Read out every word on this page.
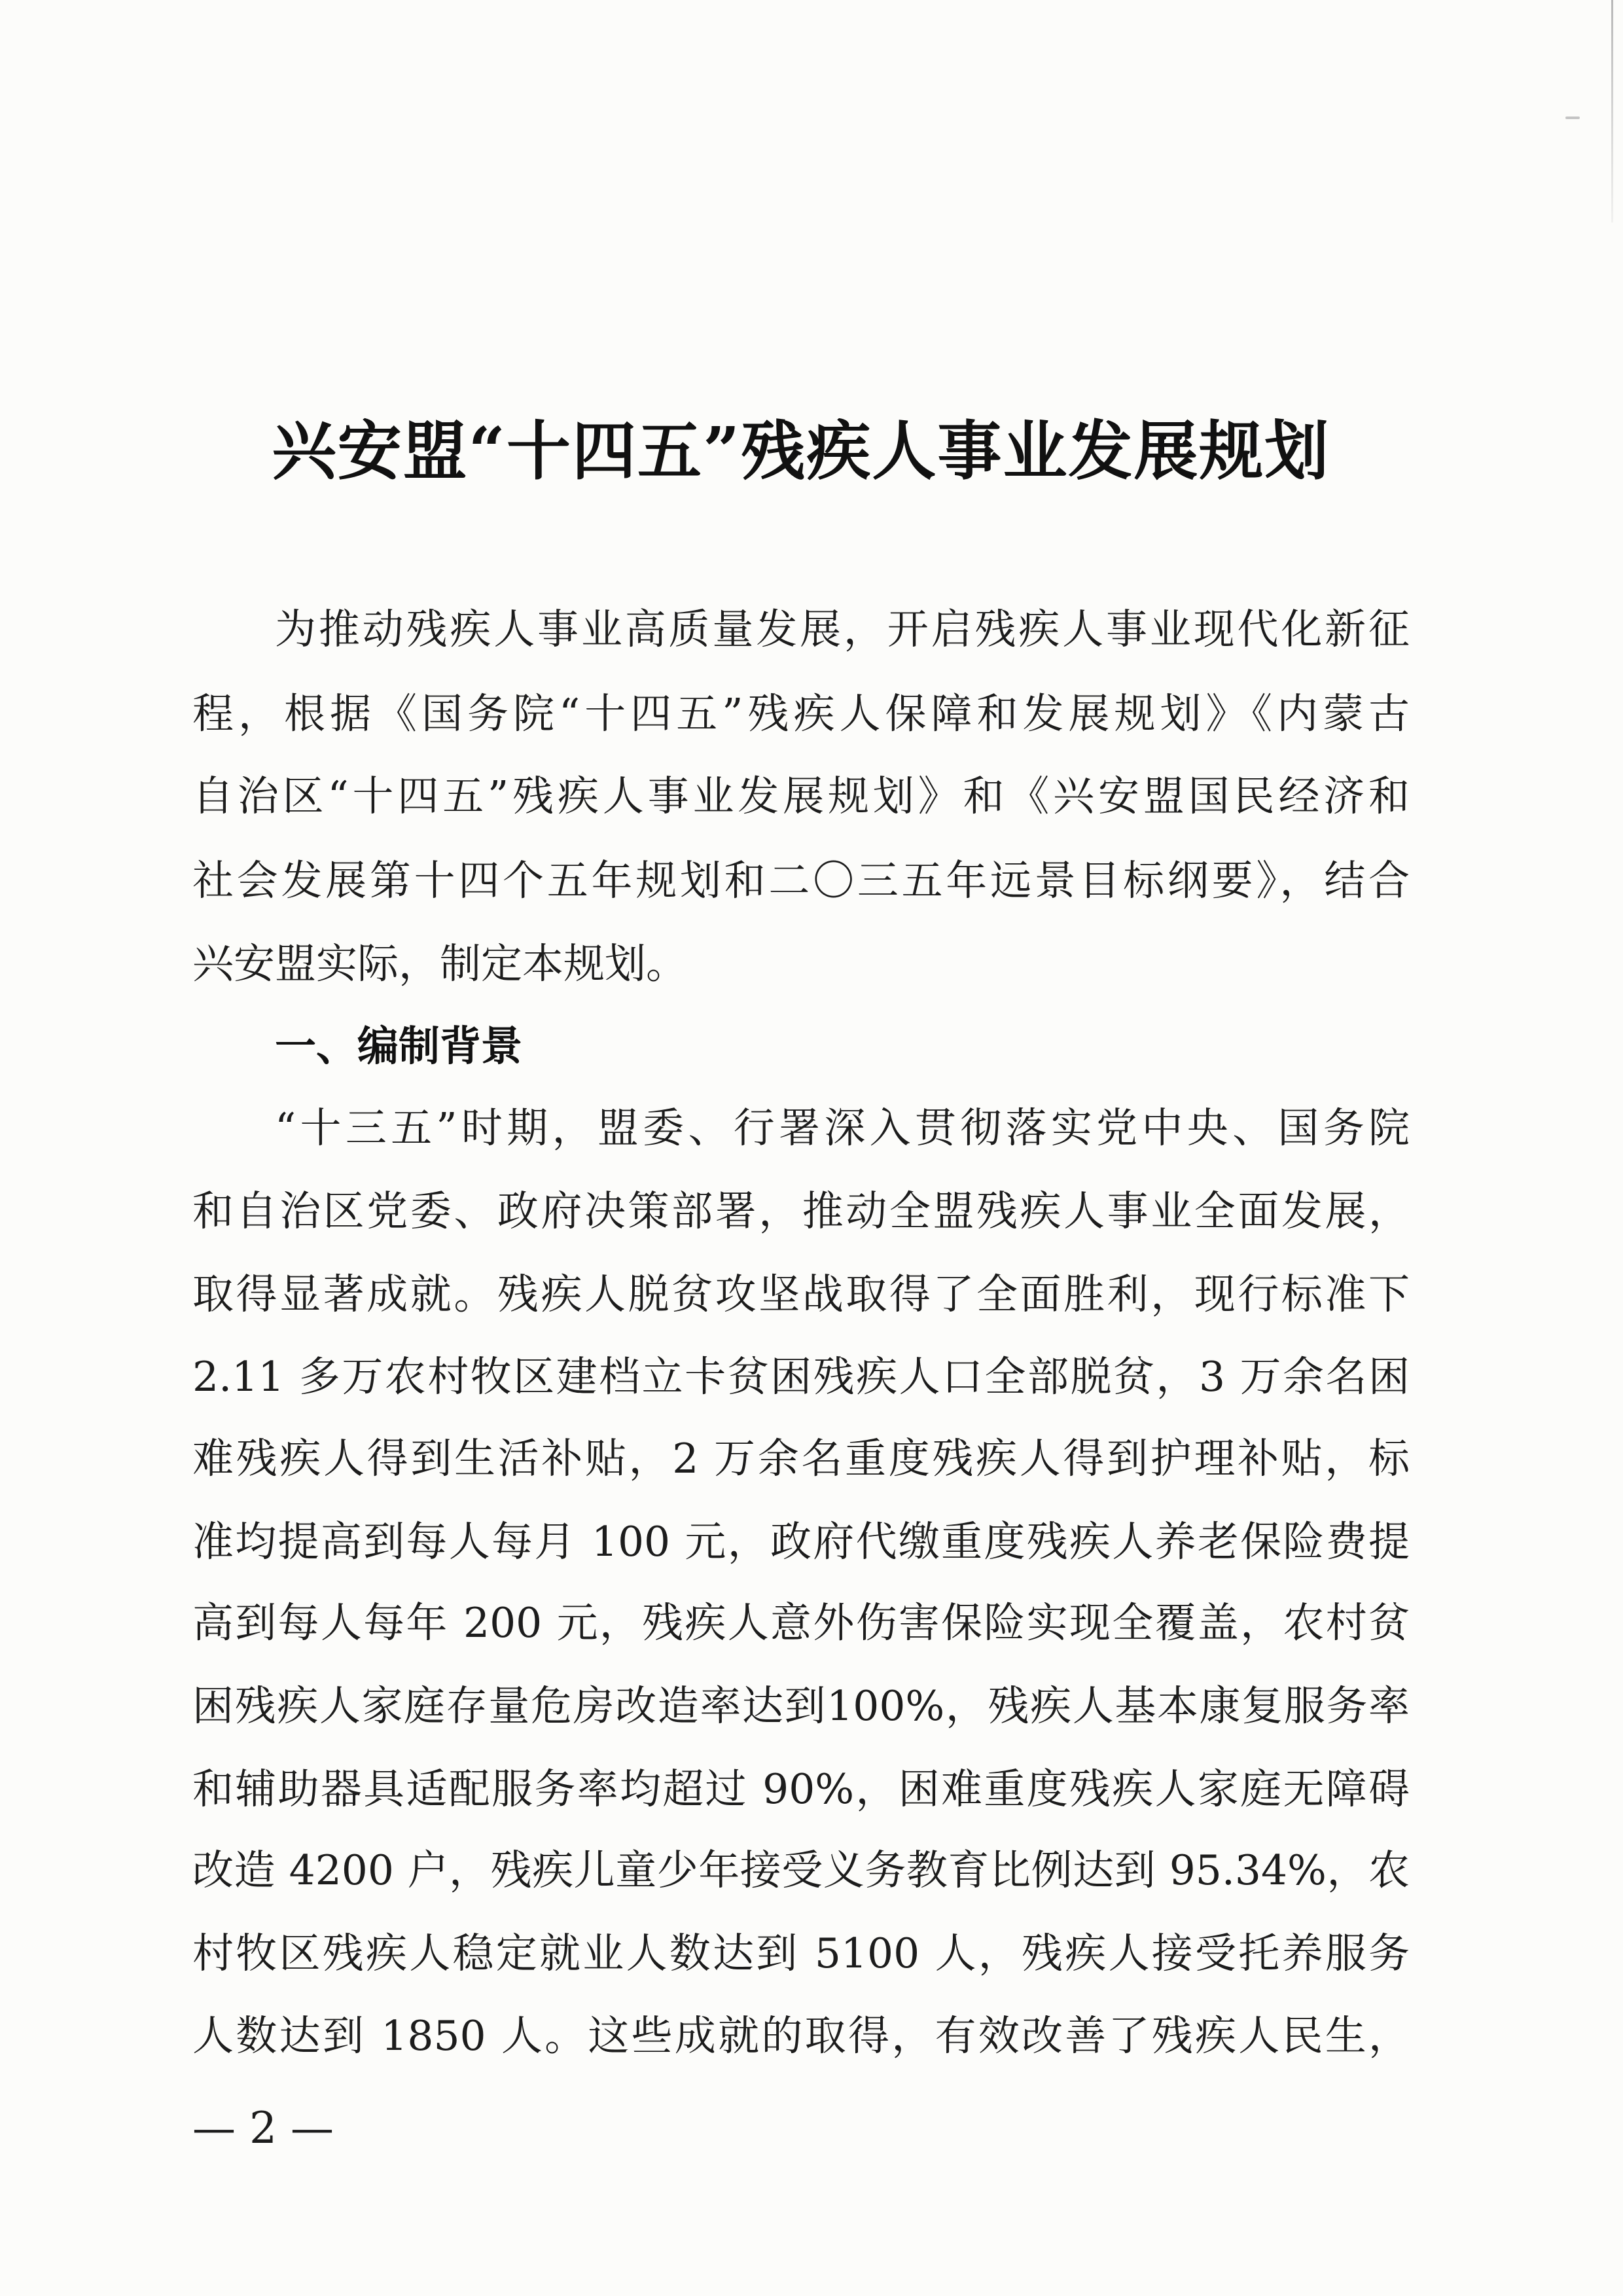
兴安盟“十四五”残疾人事业发展规划
为推动残疾人事业高质量发展，开启残疾人事业现代化新征
程，根据《国务院“十四五”残疾人保障和发展规划》《内蒙古
自治区“十四五”残疾人事业发展规划》和《兴安盟国民经济和
社会发展第十四个五年规划和二〇三五年远景目标纲要》，结合
兴安盟实际，制定本规划。
一、编制背景
“十三五”时期，盟委、行署深入贯彻落实党中央、国务院
和自治区党委、政府决策部署，推动全盟残疾人事业全面发展，
取得显著成就。残疾人脱贫攻坚战取得了全面胜利，现行标准下
2.11 多万农村牧区建档立卡贫困残疾人口全部脱贫，3 万余名困
难残疾人得到生活补贴，2 万余名重度残疾人得到护理补贴，标
准均提高到每人每月 100 元，政府代缴重度残疾人养老保险费提
高到每人每年 200 元，残疾人意外伤害保险实现全覆盖，农村贫
困残疾人家庭存量危房改造率达到100%，残疾人基本康复服务率
和辅助器具适配服务率均超过 90%，困难重度残疾人家庭无障碍
改造 4200 户，残疾儿童少年接受义务教育比例达到 95.34%，农
村牧区残疾人稳定就业人数达到 5100 人，残疾人接受托养服务
人数达到 1850 人。这些成就的取得，有效改善了残疾人民生，
— 2 —
